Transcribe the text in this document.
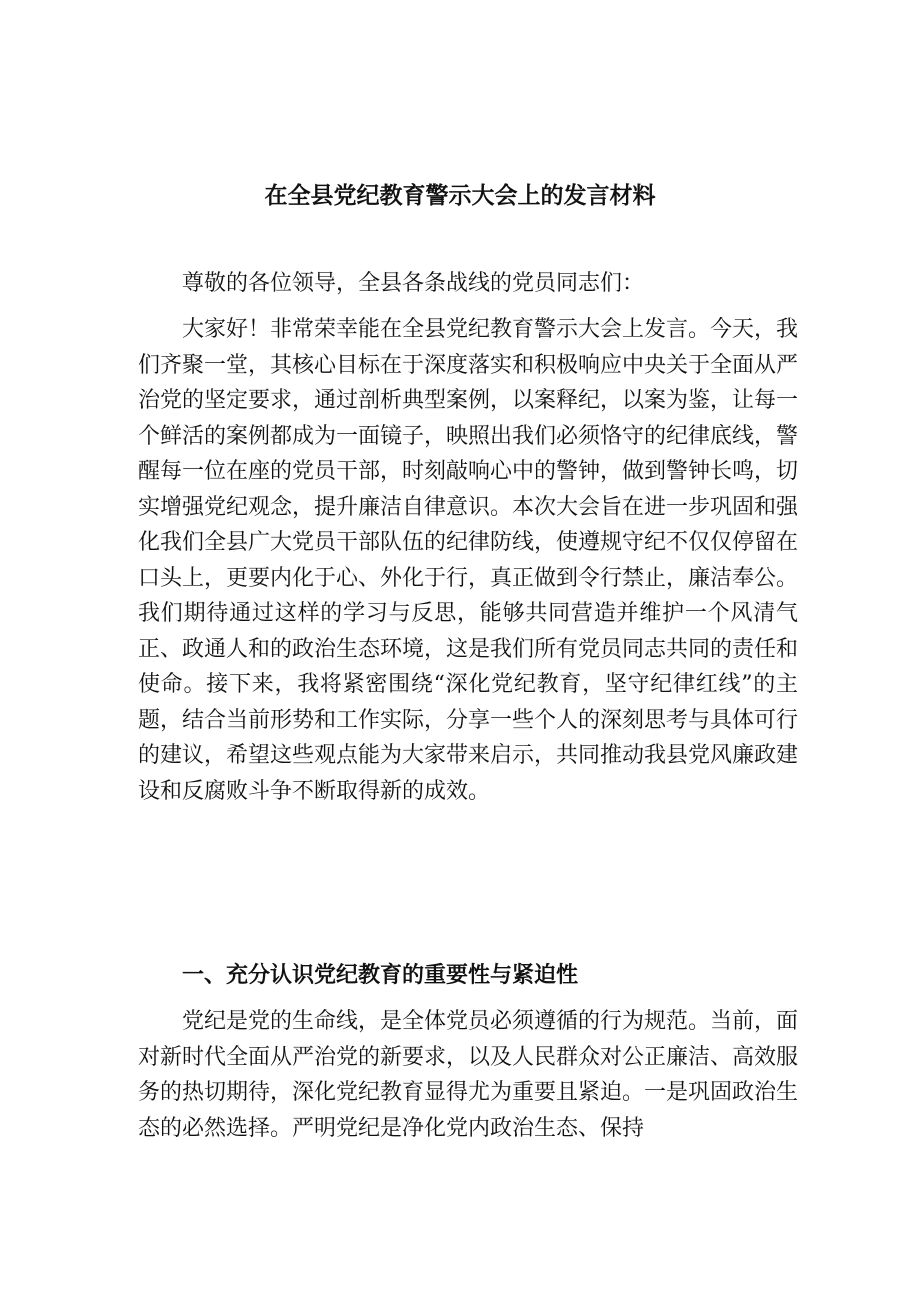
在全县党纪教育警示大会上的发言材料

尊敬的各位领导，全县各条战线的党员同志们：

大家好！非常荣幸能在全县党纪教育警示大会上发言。今天，我们齐聚一堂，其核心目标在于深度落实和积极响应中央关于全面从严治党的坚定要求，通过剖析典型案例，以案释纪，以案为鉴，让每一个鲜活的案例都成为一面镜子，映照出我们必须恪守的纪律底线，警醒每一位在座的党员干部，时刻敲响心中的警钟，做到警钟长鸣，切实增强党纪观念，提升廉洁自律意识。本次大会旨在进一步巩固和强化我们全县广大党员干部队伍的纪律防线，使遵规守纪不仅仅停留在口头上，更要内化于心、外化于行，真正做到令行禁止，廉洁奉公。我们期待通过这样的学习与反思，能够共同营造并维护一个风清气正、政通人和的政治生态环境，这是我们所有党员同志共同的责任和使命。接下来，我将紧密围绕“深化党纪教育，坚守纪律红线”的主题，结合当前形势和工作实际，分享一些个人的深刻思考与具体可行的建议，希望这些观点能为大家带来启示，共同推动我县党风廉政建设和反腐败斗争不断取得新的成效。

一、充分认识党纪教育的重要性与紧迫性

党纪是党的生命线，是全体党员必须遵循的行为规范。当前，面对新时代全面从严治党的新要求，以及人民群众对公正廉洁、高效服务的热切期待，深化党纪教育显得尤为重要且紧迫。一是巩固政治生态的必然选择。严明党纪是净化党内政治生态、保持
